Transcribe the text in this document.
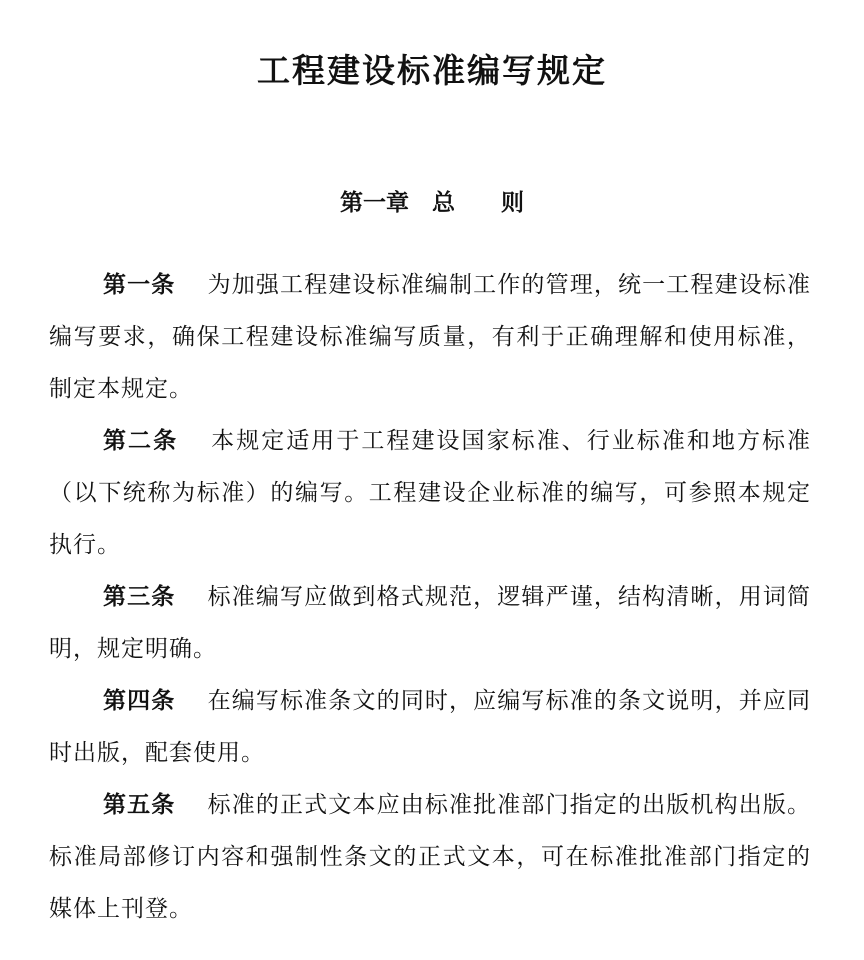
工程建设标准编写规定
第一章　总　　则

第一条 为加强工程建设标准编制工作的管理，统一工程建设标准编写要求，确保工程建设标准编写质量，有利于正确理解和使用标准，制定本规定。

第二条 本规定适用于工程建设国家标准、行业标准和地方标准（以下统称为标准）的编写。工程建设企业标准的编写，可参照本规定执行。

第三条 标准编写应做到格式规范，逻辑严谨，结构清晰，用词简明，规定明确。

第四条 在编写标准条文的同时，应编写标准的条文说明，并应同时出版，配套使用。

第五条 标准的正式文本应由标准批准部门指定的出版机构出版。标准局部修订内容和强制性条文的正式文本，可在标准批准部门指定的媒体上刊登。
